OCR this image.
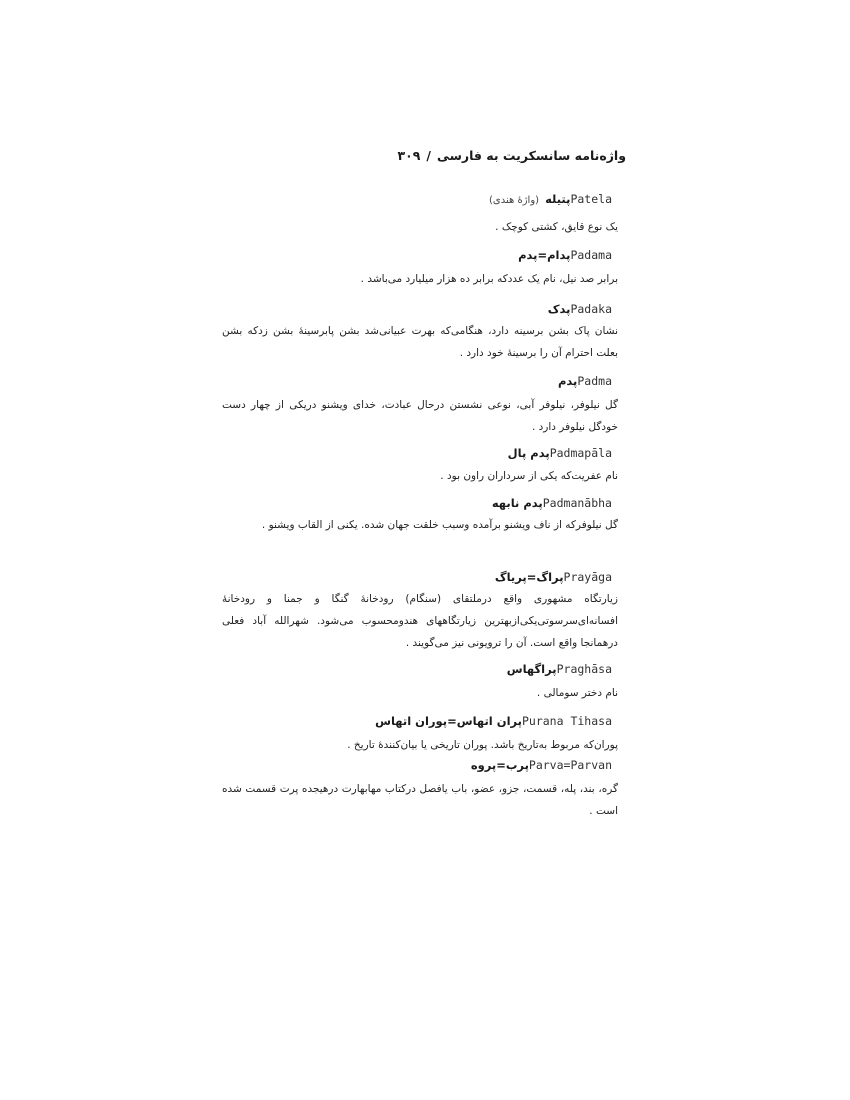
واژه‌نامه سانسکریت به فارسی/۳۰۹
پتیله(واژهٔ هندی)	Patela
یک نوع قایق، کشتی کوچک .
پدام=پدمPadama
برابر صد نیل، نام یک عددکه برابر ده هزار میلیارد می‌باشد .
پدکPadaka
نشان پاک بشن برسینه دارد، هنگامی‌که بهرت عبیانی‌شد بشن پابرسینهٔ بشن زدکه بشن بعلت احترام آن را برسینهٔ خود دارد .
پدمPadma
گل نیلوفر، نیلوفر آبی، نوعی نشستن درحال عبادت، خدای ویشنو دریکی از چهار دست خودگل نیلوفر دارد .
پدم پالPadmapāla
نام عفریت‌که یکی از سرداران راون بود .
پدم نابههPadmanābha
گل نیلوفرکه از ناف ویشنو برآمده وسبب خلقت جهان شده. یکنی از القاب ویشنو .
پراگ=پریاگPrayāga
زیارتگاه مشهوری واقع درملتقای (سنگام) رودخانهٔ گنگا و جمنا و رودخانهٔ افسانه‌ای‌سرسوتی‌یکی‌ازبهترین زیارتگاههای هندومحسوب می‌شود. شهرالله آباد فعلی درهمانجا واقع است. آن را ترویونی نیز می‌گویند .
پراگهاسPraghāsa
نام دختر سومالی .
پران اتهاس=پوران اتهاسPurana Tihasa
پوران‌که مربوط به‌تاریخ باشد. پوران تاریخی یا بیان‌کنندهٔ تاریخ .
پرب=پروهParva=Parvan
گره، بند، پله، قسمت، جزو، عضو، باب یافصل درکتاب مهابهارت درهیجده پرت قسمت شده است .
